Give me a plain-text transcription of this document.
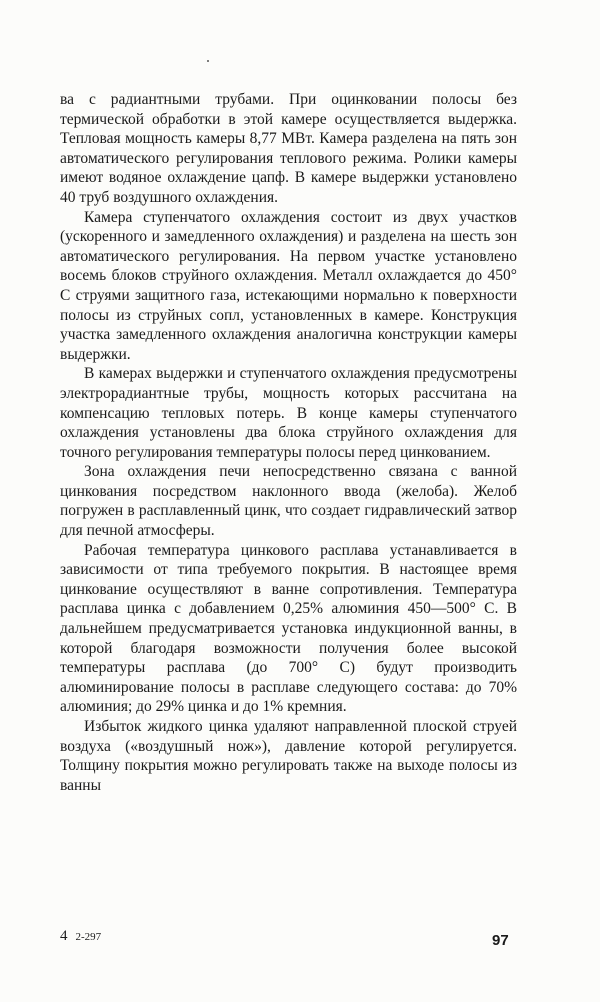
ва с радиантными трубами. При оцинковании полосы без термической обработки в этой камере осуществляется выдержка. Тепловая мощность камеры 8,77 МВт. Камера разделена на пять зон автоматического регулирования теплового режима. Ролики камеры имеют водяное охлаждение цапф. В камере выдержки установлено 40 труб воздушного охлаждения.

Камера ступенчатого охлаждения состоит из двух участков (ускоренного и замедленного охлаждения) и разделена на шесть зон автоматического регулирования. На первом участке установлено восемь блоков струйного охлаждения. Металл охлаждается до 450° С струями защитного газа, истекающими нормально к поверхности полосы из струйных сопл, установленных в камере. Конструкция участка замедленного охлаждения аналогична конструкции камеры выдержки.

В камерах выдержки и ступенчатого охлаждения предусмотрены электрорадиантные трубы, мощность которых рассчитана на компенсацию тепловых потерь. В конце камеры ступенчатого охлаждения установлены два блока струйного охлаждения для точного регулирования температуры полосы перед цинкованием.

Зона охлаждения печи непосредственно связана с ванной цинкования посредством наклонного ввода (желоба). Желоб погружен в расплавленный цинк, что создает гидравлический затвор для печной атмосферы.

Рабочая температура цинкового расплава устанавливается в зависимости от типа требуемого покрытия. В настоящее время цинкование осуществляют в ванне сопротивления. Температура расплава цинка с добавлением 0,25% алюминия 450—500° С. В дальнейшем предусматривается установка индукционной ванны, в которой благодаря возможности получения более высокой температуры расплава (до 700° С) будут производить алюминирование полосы в расплаве следующего состава: до 70% алюминия; до 29% цинка и до 1% кремния.

Избыток жидкого цинка удаляют направленной плоской струей воздуха («воздушный нож»), давление которой регулируется. Толщину покрытия можно регулировать также на выходе полосы из ванны

4 2-297	97
